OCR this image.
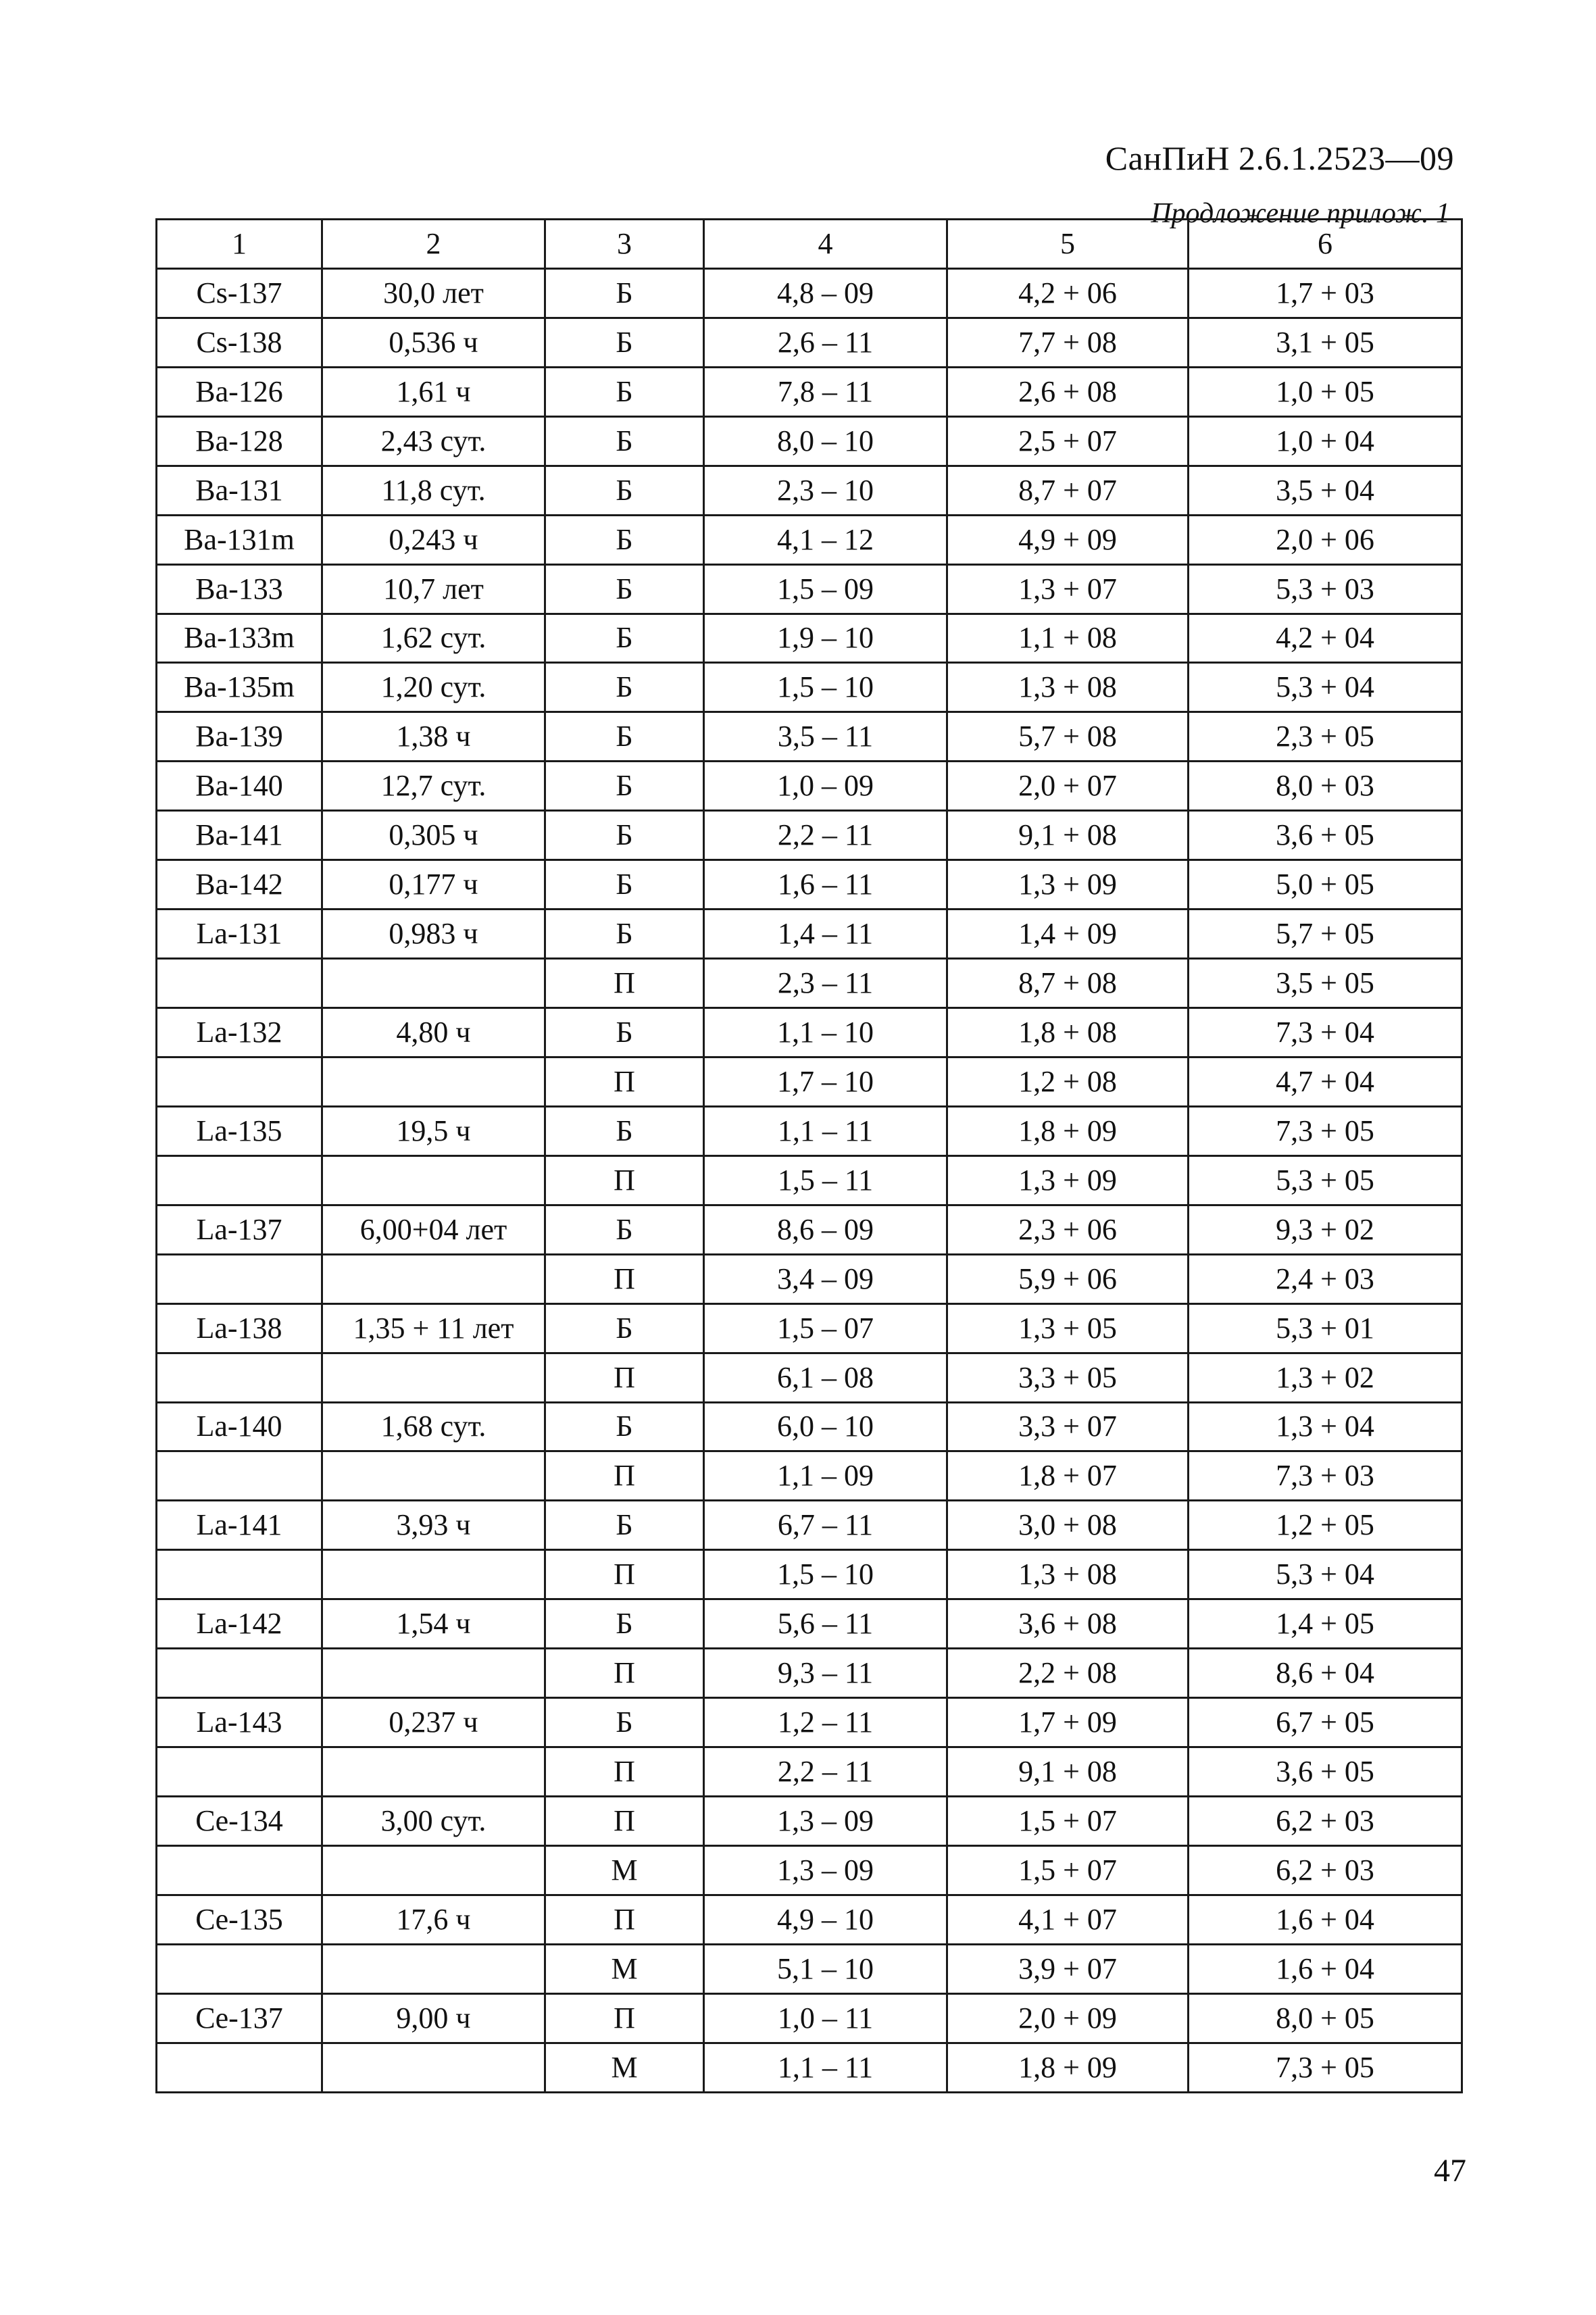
СанПиН 2.6.1.2523—09
Продложение прилож. 1
1	2	3	4	5	6
Cs-137	30,0 лет	Б	4,8 – 09	4,2 + 06	1,7 + 03
Cs-138	0,536 ч	Б	2,6 – 11	7,7 + 08	3,1 + 05
Ba-126	1,61 ч	Б	7,8 – 11	2,6 + 08	1,0 + 05
Ba-128	2,43 сут.	Б	8,0 – 10	2,5 + 07	1,0 + 04
Ba-131	11,8 сут.	Б	2,3 – 10	8,7 + 07	3,5 + 04
Ba-131m	0,243 ч	Б	4,1 – 12	4,9 + 09	2,0 + 06
Ba-133	10,7 лет	Б	1,5 – 09	1,3 + 07	5,3 + 03
Ba-133m	1,62 сут.	Б	1,9 – 10	1,1 + 08	4,2 + 04
Ba-135m	1,20 сут.	Б	1,5 – 10	1,3 + 08	5,3 + 04
Ba-139	1,38 ч	Б	3,5 – 11	5,7 + 08	2,3 + 05
Ba-140	12,7 сут.	Б	1,0 – 09	2,0 + 07	8,0 + 03
Ba-141	0,305 ч	Б	2,2 – 11	9,1 + 08	3,6 + 05
Ba-142	0,177 ч	Б	1,6 – 11	1,3 + 09	5,0 + 05
La-131	0,983 ч	Б	1,4 – 11	1,4 + 09	5,7 + 05
		П	2,3 – 11	8,7 + 08	3,5 + 05
La-132	4,80 ч	Б	1,1 – 10	1,8 + 08	7,3 + 04
		П	1,7 – 10	1,2 + 08	4,7 + 04
La-135	19,5 ч	Б	1,1 – 11	1,8 + 09	7,3 + 05
		П	1,5 – 11	1,3 + 09	5,3 + 05
La-137	6,00+04 лет	Б	8,6 – 09	2,3 + 06	9,3 + 02
		П	3,4 – 09	5,9 + 06	2,4 + 03
La-138	1,35 + 11 лет	Б	1,5 – 07	1,3 + 05	5,3 + 01
		П	6,1 – 08	3,3 + 05	1,3 + 02
La-140	1,68 сут.	Б	6,0 – 10	3,3 + 07	1,3 + 04
		П	1,1 – 09	1,8 + 07	7,3 + 03
La-141	3,93 ч	Б	6,7 – 11	3,0 + 08	1,2 + 05
		П	1,5 – 10	1,3 + 08	5,3 + 04
La-142	1,54 ч	Б	5,6 – 11	3,6 + 08	1,4 + 05
		П	9,3 – 11	2,2 + 08	8,6 + 04
La-143	0,237 ч	Б	1,2 – 11	1,7 + 09	6,7 + 05
		П	2,2 – 11	9,1 + 08	3,6 + 05
Ce-134	3,00 сут.	П	1,3 – 09	1,5 + 07	6,2 + 03
		М	1,3 – 09	1,5 + 07	6,2 + 03
Ce-135	17,6 ч	П	4,9 – 10	4,1 + 07	1,6 + 04
		М	5,1 – 10	3,9 + 07	1,6 + 04
Ce-137	9,00 ч	П	1,0 – 11	2,0 + 09	8,0 + 05
		М	1,1 – 11	1,8 + 09	7,3 + 05
47
